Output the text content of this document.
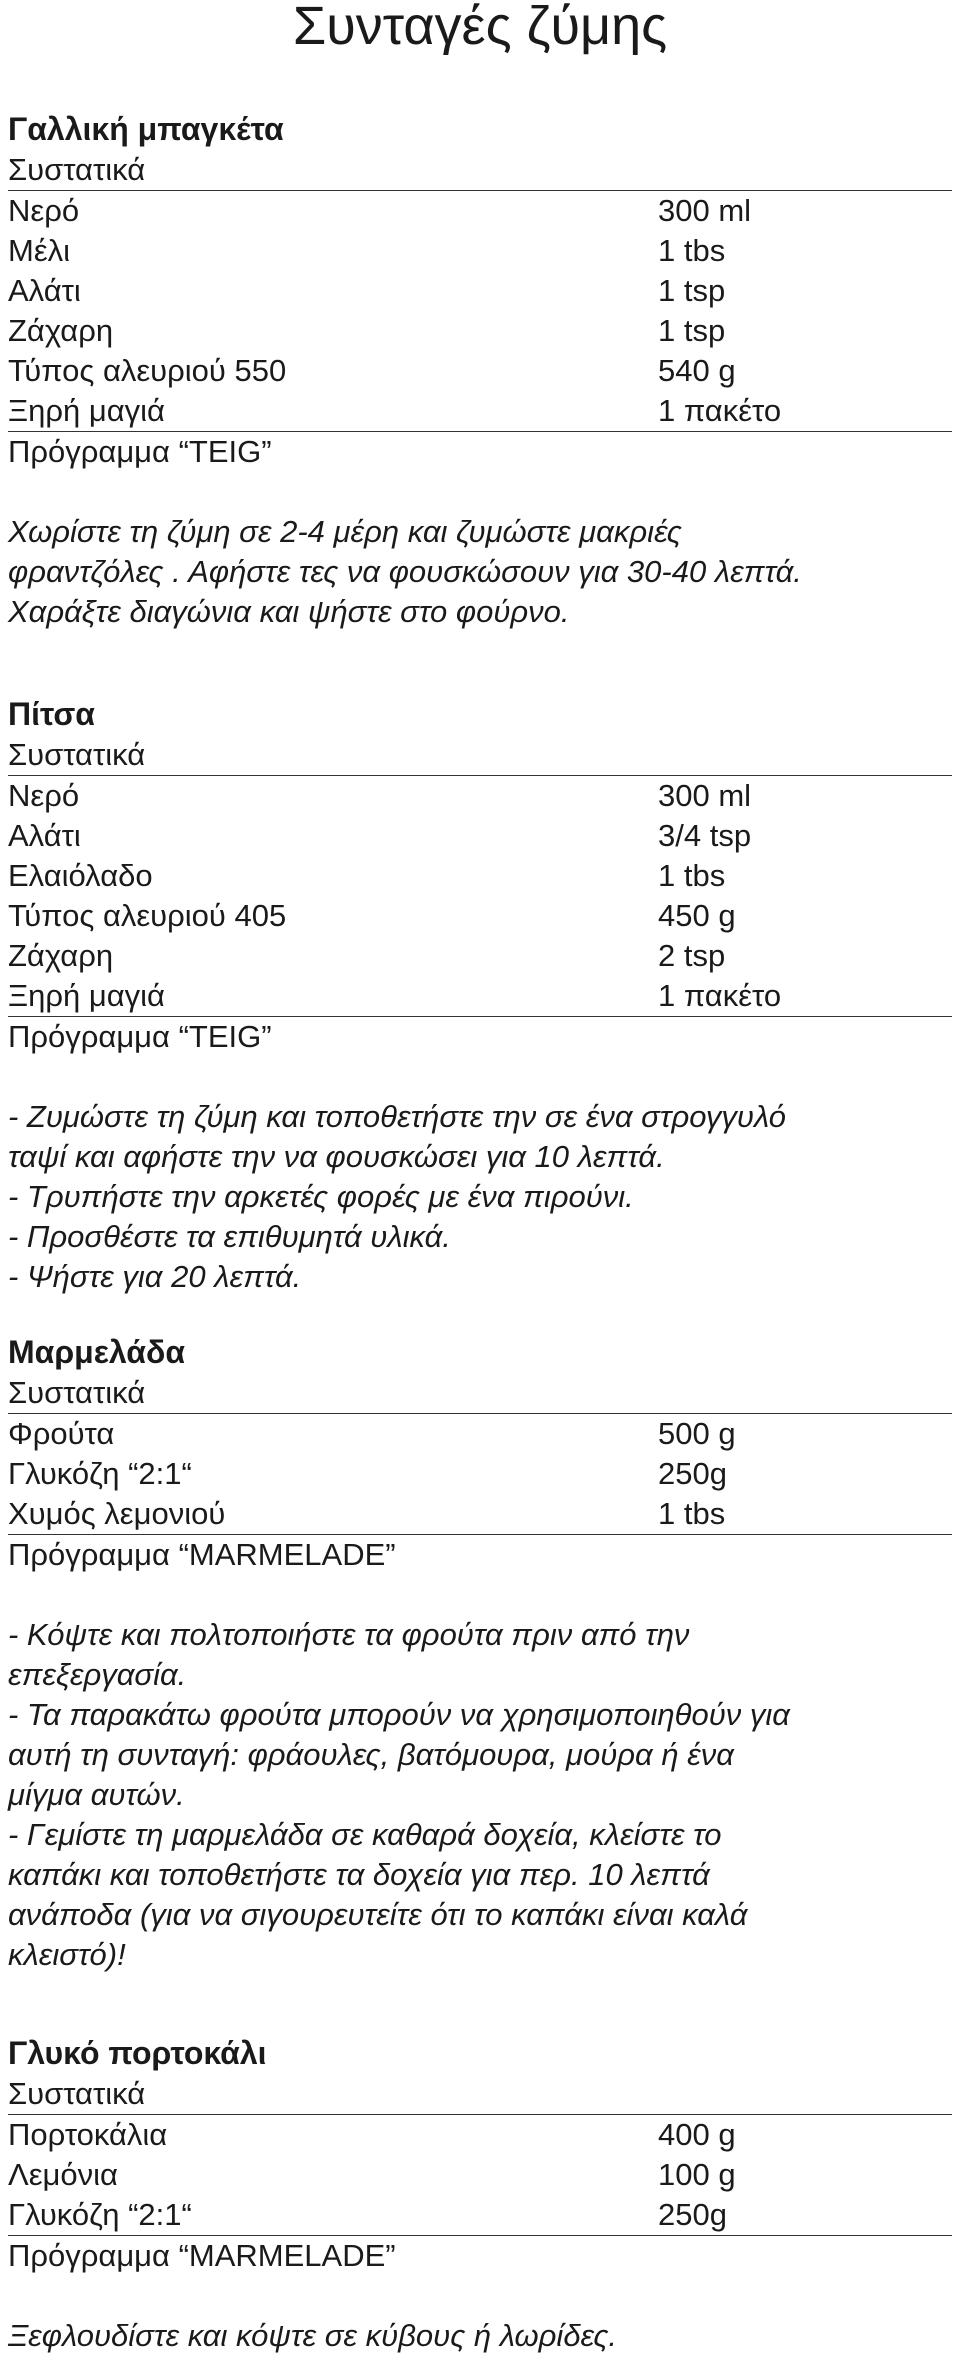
Συνταγές ζύμης
Γαλλική μπαγκέτα
Συστατικά
Νερό	300 ml
Μέλι	1 tbs
Αλάτι	1 tsp
Ζάχαρη	1 tsp
Τύπος αλευριού 550	540 g
Ξηρή μαγιά	1 πακέτο
Πρόγραμμα “TEIG”
Χωρίστε τη ζύμη σε 2-4 μέρη και ζυμώστε μακριές
φραντζόλες . Αφήστε τες να φουσκώσουν για 30-40 λεπτά.
Χαράξτε διαγώνια και ψήστε στο φούρνο.
Πίτσα
Συστατικά
Νερό	300 ml
Αλάτι	3/4 tsp
Ελαιόλαδο	1 tbs
Τύπος αλευριού 405	450 g
Ζάχαρη	2 tsp
Ξηρή μαγιά	1 πακέτο
Πρόγραμμα “TEIG”
- Ζυμώστε τη ζύμη και τοποθετήστε την σε ένα στρογγυλό
ταψί και αφήστε την να φουσκώσει για 10 λεπτά.
- Τρυπήστε την αρκετές φορές με ένα πιρούνι.
- Προσθέστε τα επιθυμητά υλικά.
- Ψήστε για 20 λεπτά.
Μαρμελάδα
Συστατικά
Φρούτα	500 g
Γλυκόζη “2:1“	250g
Χυμός λεμονιού	1 tbs
Πρόγραμμα “MARMELADE”
- Κόψτε και πολτοποιήστε τα φρούτα πριν από την
επεξεργασία.
- Τα παρακάτω φρούτα μπορούν να χρησιμοποιηθούν για
αυτή τη συνταγή: φράουλες, βατόμουρα, μούρα ή ένα
μίγμα αυτών.
- Γεμίστε τη μαρμελάδα σε καθαρά δοχεία, κλείστε το
καπάκι και τοποθετήστε τα δοχεία για περ. 10 λεπτά
ανάποδα (για να σιγουρευτείτε ότι το καπάκι είναι καλά
κλειστό)!
Γλυκό πορτοκάλι
Συστατικά
Πορτοκάλια	400 g
Λεμόνια	100 g
Γλυκόζη “2:1“	250g
Πρόγραμμα “MARMELADE”
Ξεφλουδίστε και κόψτε σε κύβους ή λωρίδες.
